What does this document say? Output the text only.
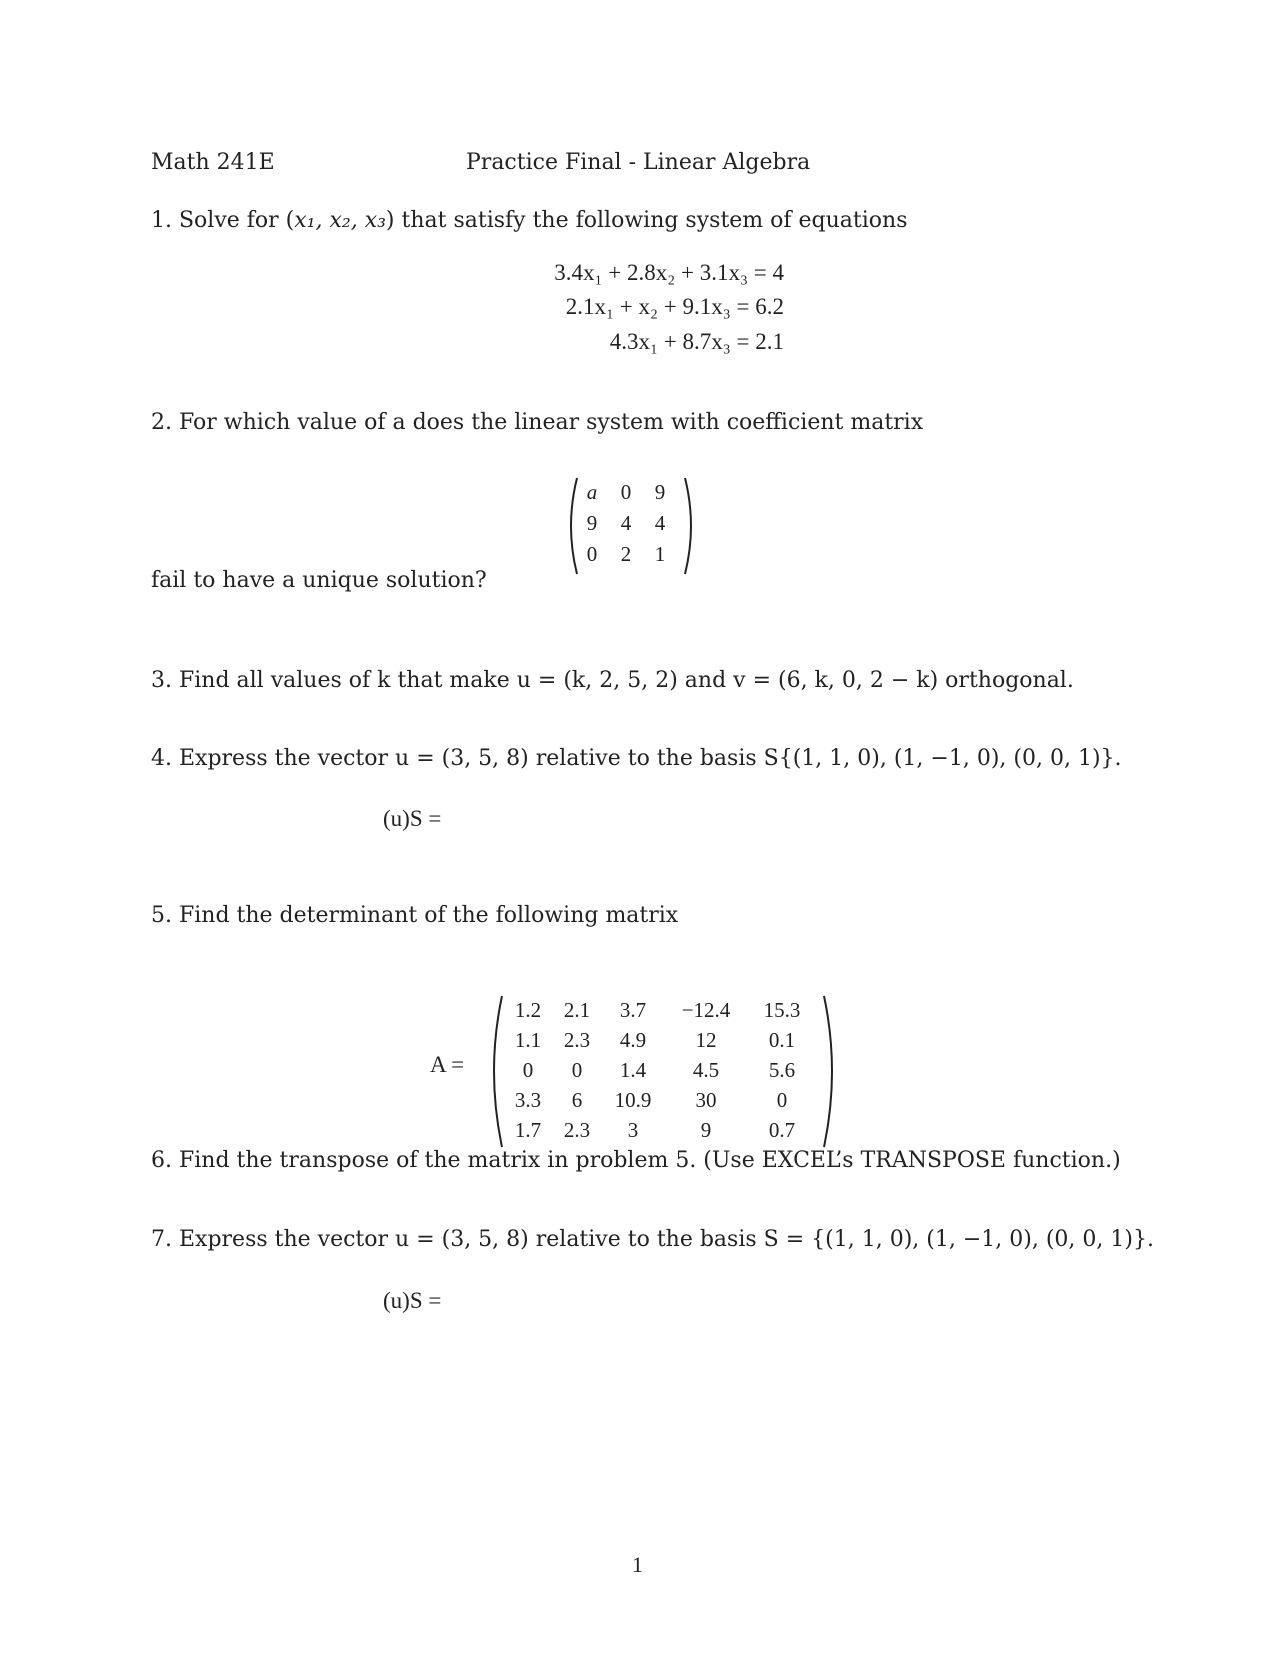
Math 241E	Practice Final - Linear Algebra
1. Solve for (x₁, x₂, x₃) that satisfy the following system of equations
3.4x₁ + 2.8x₂ + 3.1x₃ = 4
2.1x₁ + x₂ + 9.1x₃ = 6.2
4.3x₁ + 8.7x₃ = 2.1
2. For which value of a does the linear system with coefficient matrix
a	0	9
9	4	4
0	2	1
fail to have a unique solution?
3. Find all values of k that make u = (k, 2, 5, 2) and v = (6, k, 0, 2 − k) orthogonal.
4. Express the vector u = (3, 5, 8) relative to the basis S{(1, 1, 0), (1, −1, 0), (0, 0, 1)}.
(u)S =
5. Find the determinant of the following matrix
A =
1.2	2.1	3.7	−12.4	15.3
1.1	2.3	4.9	12	0.1
0	0	1.4	4.5	5.6
3.3	6	10.9	30	0
1.7	2.3	3	9	0.7
6. Find the transpose of the matrix in problem 5. (Use EXCEL’s TRANSPOSE function.)
7. Express the vector u = (3, 5, 8) relative to the basis S = {(1, 1, 0), (1, −1, 0), (0, 0, 1)}.
(u)S =
1
